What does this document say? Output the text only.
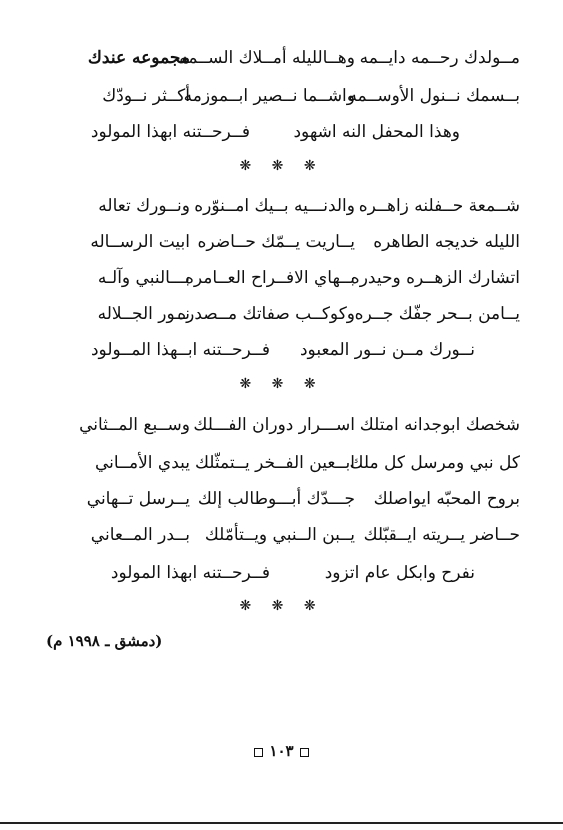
مــولدك رحــمه دايــمه
وهــالليله أمــلاك الســمه
مجموعه عندك
بــسمك نــنول الأوســمه
واشــما نــصير ابــموزمه
أكــثر نــودّك
وهذا المحفل النه اشهود
فــرحــتنه ابهذا المولود
❋ ❋ ❋
شــمعة حــفلنه زاهــره
والدنـــيه بــيك امــنوّره
ونــورك تعاله
الليله خديجه الطاهره
يــاريت يــمّك حــاضره
ابيت الرســاله
اتشارك الزهــره وحيدره
بــهاي الافــراح العــامره
بـــالنبي وآلـه
يــامن بــحر جفّك جــره
وكوكــب صفاتك مــصدره
نــور الجــلاله
نــورك مــن نــور المعبود
فــرحــتنه ابــهذا المــولود
❋ ❋ ❋
شخصك ابوجدانه امتلك
اســـرار دوران الفـــلك
وســبع المــثاني
كل نبي ومرسل كل ملك
ابــعين الفــخر يــتمثّلك
يبدي الأمــاني
بروح المحبّه ايواصلك
جـــدّك أبـــوطالب إلك
يــرسل تــهاني
حــاضر يــريته ايــقبّلك
يــبن الــنبي ويــتأمّلك
بــدر المــعاني
نفرح وابكل عام اتزود
فــرحــتنه ابهذا المولود
❋ ❋ ❋
(دمشق ـ ١٩٩٨ م)
١٠٣
